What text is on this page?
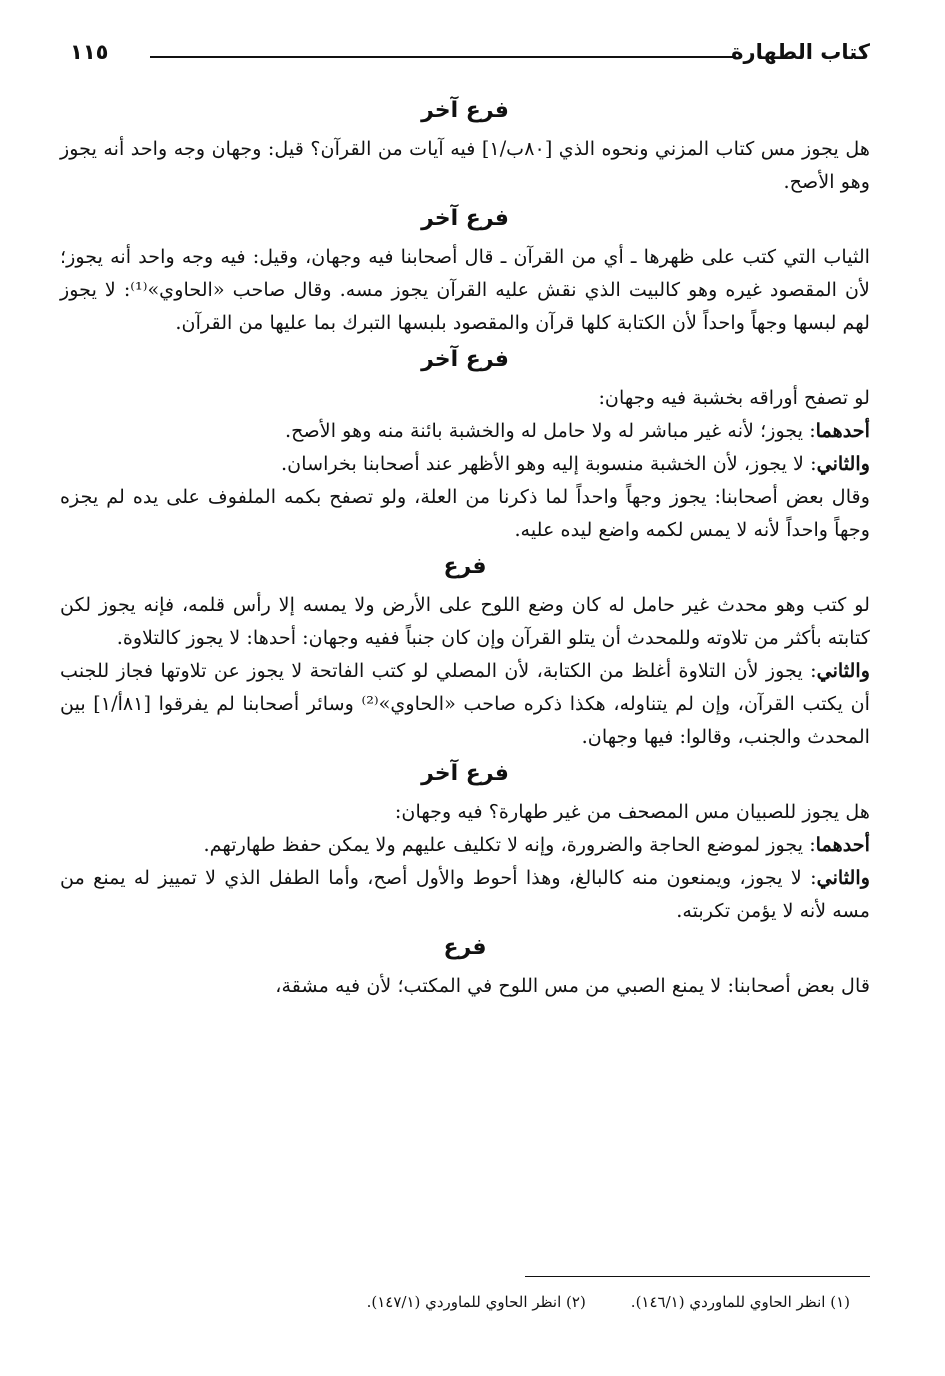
كتاب الطهارة
١١٥

فرع آخر

هل يجوز مس كتاب المزني ونحوه الذي [٨٠ب/١] فيه آيات من القرآن؟ قيل: وجهان وجه واحد أنه يجوز وهو الأصح.

فرع آخر

الثياب التي كتب على ظهرها ـ أي من القرآن ـ قال أصحابنا فيه وجهان، وقيل: فيه وجه واحد أنه يجوز؛ لأن المقصود غيره وهو كالبيت الذي نقش عليه القرآن يجوز مسه. وقال صاحب «الحاوي»⁽¹⁾: لا يجوز لهم لبسها وجهاً واحداً لأن الكتابة كلها قرآن والمقصود بلبسها التبرك بما عليها من القرآن.

فرع آخر

لو تصفح أوراقه بخشبة فيه وجهان:

أحدهما: يجوز؛ لأنه غير مباشر له ولا حامل له والخشبة بائنة منه وهو الأصح.

والثاني: لا يجوز، لأن الخشبة منسوبة إليه وهو الأظهر عند أصحابنا بخراسان.

وقال بعض أصحابنا: يجوز وجهاً واحداً لما ذكرنا من العلة، ولو تصفح بكمه الملفوف على يده لم يجزه وجهاً واحداً لأنه لا يمس لكمه واضع ليده عليه.

فرع

لو كتب وهو محدث غير حامل له كان وضع اللوح على الأرض ولا يمسه إلا رأس قلمه، فإنه يجوز لكن كتابته بأكثر من تلاوته وللمحدث أن يتلو القرآن وإن كان جنباً ففيه وجهان: أحدها: لا يجوز كالتلاوة.

والثاني: يجوز لأن التلاوة أغلظ من الكتابة، لأن المصلي لو كتب الفاتحة لا يجوز عن تلاوتها فجاز للجنب أن يكتب القرآن، وإن لم يتناوله، هكذا ذكره صاحب «الحاوي»⁽²⁾ وسائر أصحابنا لم يفرقوا [٨١أ/١] بين المحدث والجنب، وقالوا: فيها وجهان.

فرع آخر

هل يجوز للصبيان مس المصحف من غير طهارة؟ فيه وجهان:

أحدهما: يجوز لموضع الحاجة والضرورة، وإنه لا تكليف عليهم ولا يمكن حفظ طهارتهم.

والثاني: لا يجوز، ويمنعون منه كالبالغ، وهذا أحوط والأول أصح، وأما الطفل الذي لا تمييز له يمنع من مسه لأنه لا يؤمن تكربته.

فرع

قال بعض أصحابنا: لا يمنع الصبي من مس اللوح في المكتب؛ لأن فيه مشقة،

(١) انظر الحاوي للماوردي (١٤٦/١).
(٢) انظر الحاوي للماوردي (١٤٧/١).
